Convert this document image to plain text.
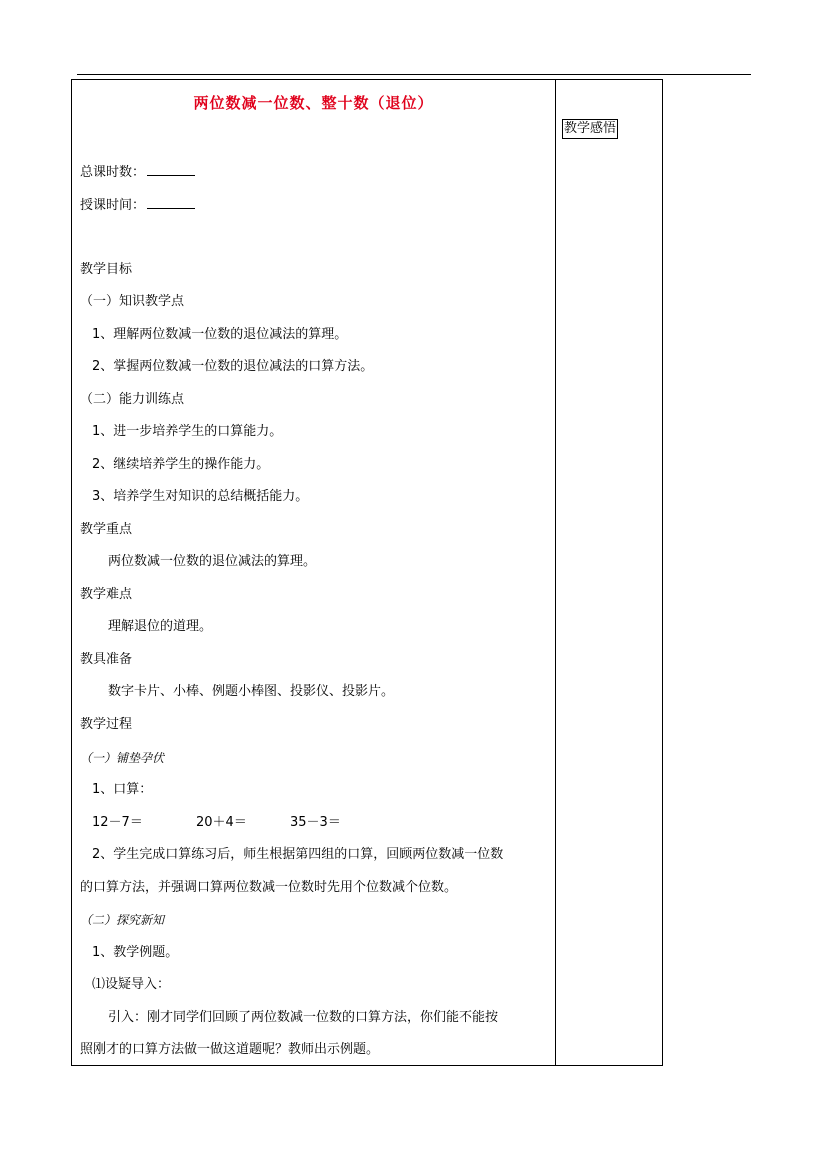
两位数减一位数、整十数（退位）
总课时数：
授课时间：
教学目标
（一）知识教学点
1、理解两位数减一位数的退位减法的算理。
2、掌握两位数减一位数的退位减法的口算方法。
（二）能力训练点
1、进一步培养学生的口算能力。
2、继续培养学生的操作能力。
3、培养学生对知识的总结概括能力。
教学重点
两位数减一位数的退位减法的算理。
教学难点
理解退位的道理。
教具准备
数字卡片、小棒、例题小棒图、投影仪、投影片。
教学过程
（一）铺垫孕伏
1、口算：
12－7＝	20＋4＝	35－3＝
2、学生完成口算练习后，师生根据第四组的口算，回顾两位数减一位数
的口算方法，并强调口算两位数减一位数时先用个位数减个位数。
（二）探究新知
1、教学例题。
⑴设疑导入：
引入：刚才同学们回顾了两位数减一位数的口算方法，你们能不能按
照刚才的口算方法做一做这道题呢？教师出示例题。
教学感悟
